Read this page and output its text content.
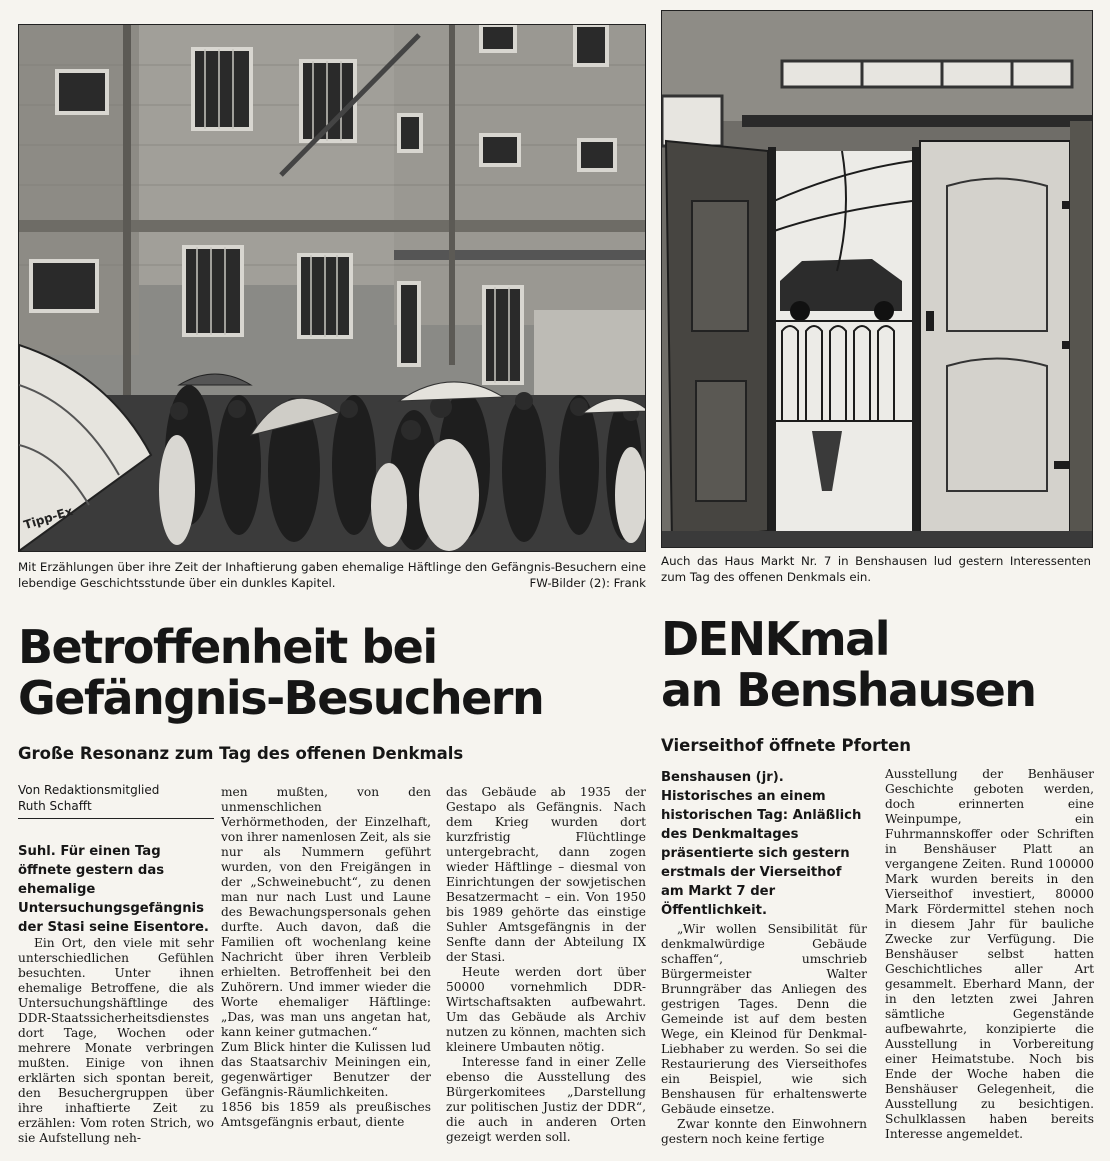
Tipp-Ex
Mit Erzählungen über ihre Zeit der Inhaftierung gaben ehemalige Häftlinge den Gefängnis-Besuchern eine lebendige Geschichtsstunde über ein dunkles Kapitel.	FW-Bilder (2): Frank
Auch das Haus Markt Nr. 7 in Benshausen lud gestern Interessenten zum Tag des offenen Denkmals ein.
Betroffenheit bei
Gefängnis-Besuchern
Große Resonanz zum Tag des offenen Denkmals
Von Redaktionsmitglied
Ruth Schafft
Suhl. Für einen Tag öffnete gestern das ehemalige Untersuchungsgefängnis der Stasi seine Eisentore.

Ein Ort, den viele mit sehr unterschiedlichen Gefühlen besuchten. Unter ihnen ehemalige Betroffene, die als Untersuchungshäftlinge des DDR-Staatssicherheitsdienstes dort Tage, Wochen oder mehrere Monate verbringen mußten. Einige von ihnen erklärten sich spontan bereit, den Besuchergruppen über ihre inhaftierte Zeit zu erzählen: Vom roten Strich, wo sie Aufstellung neh-

men mußten, von den unmenschlichen Verhörmethoden, der Einzelhaft, von ihrer namenlosen Zeit, als sie nur als Nummern geführt wurden, von den Freigängen in der „Schweinebucht“, zu denen man nur nach Lust und Laune des Bewachungspersonals gehen durfte. Auch davon, daß die Familien oft wochenlang keine Nachricht über ihren Verbleib erhielten. Betroffenheit bei den Zuhörern. Und immer wieder die Worte ehemaliger Häftlinge: „Das, was man uns angetan hat, kann keiner gutmachen.“

Zum Blick hinter die Kulissen lud das Staatsarchiv Meiningen ein, gegenwärtiger Benutzer der Gefängnis-Räumlichkeiten.

1856 bis 1859 als preußisches Amtsgefängnis erbaut, diente

das Gebäude ab 1935 der Gestapo als Gefängnis. Nach dem Krieg wurden dort kurzfristig Flüchtlinge untergebracht, dann zogen wieder Häftlinge – diesmal von Einrichtungen der sowjetischen Besatzermacht – ein. Von 1950 bis 1989 gehörte das einstige Suhler Amtsgefängnis in der Senfte dann der Abteilung IX der Stasi.

Heute werden dort über 50000 vornehmlich DDR-Wirtschaftsakten aufbewahrt. Um das Gebäude als Archiv nutzen zu können, machten sich kleinere Umbauten nötig.

Interesse fand in einer Zelle ebenso die Ausstellung des Bürgerkomitees „Darstellung zur politischen Justiz der DDR“, die auch in anderen Orten gezeigt werden soll.

DENKmal
an Benshausen
Vierseithof öffnete Pforten
Benshausen (jr). Historisches an einem historischen Tag: Anläßlich des Denkmaltages präsentierte sich gestern erstmals der Vierseithof am Markt 7 der Öffentlichkeit.

„Wir wollen Sensibilität für denkmalwürdige Gebäude schaffen“, umschrieb Bürgermeister Walter Brunngräber das Anliegen des gestrigen Tages. Denn die Gemeinde ist auf dem besten Wege, ein Kleinod für Denkmal-Liebhaber zu werden. So sei die Restaurierung des Vierseithofes ein Beispiel, wie sich Benshausen für erhaltenswerte Gebäude einsetze.

Zwar konnte den Einwohnern gestern noch keine fertige

Ausstellung der Benhäuser Geschichte geboten werden, doch erinnerten eine Weinpumpe, ein Fuhrmannskoffer oder Schriften in Benshäuser Platt an vergangene Zeiten. Rund 100000 Mark wurden bereits in den Vierseithof investiert, 80000 Mark Fördermittel stehen noch in diesem Jahr für bauliche Zwecke zur Verfügung. Die Benshäuser selbst hatten Geschichtliches aller Art gesammelt. Eberhard Mann, der in den letzten zwei Jahren sämtliche Gegenstände aufbewahrte, konzipierte die Ausstellung in Vorbereitung einer Heimatstube. Noch bis Ende der Woche haben die Benshäuser Gelegenheit, die Ausstellung zu besichtigen. Schulklassen haben bereits Interesse angemeldet.
